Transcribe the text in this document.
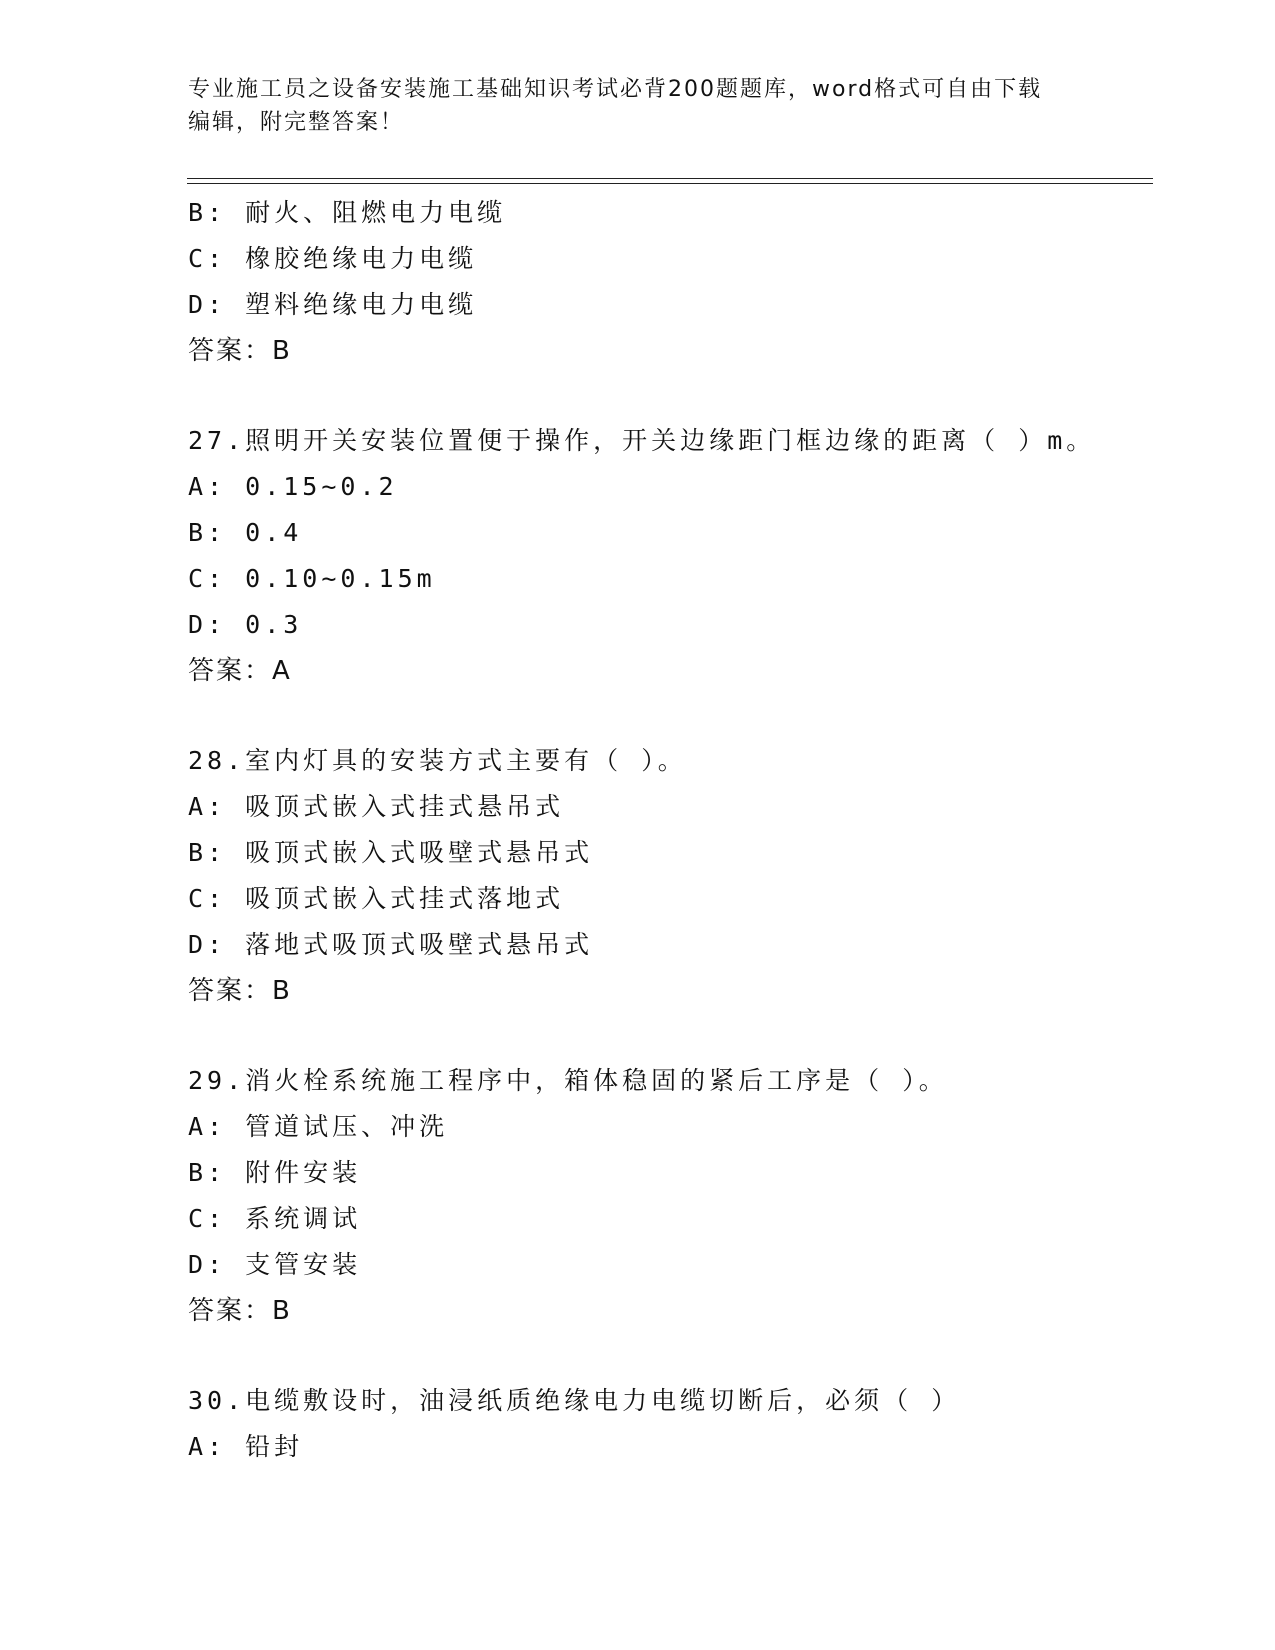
专业施工员之设备安装施工基础知识考试必背200题题库，word格式可自由下载
编辑，附完整答案！
B: 耐火、阻燃电力电缆
C: 橡胶绝缘电力电缆
D: 塑料绝缘电力电缆
答案：B
27.照明开关安装位置便于操作，开关边缘距门框边缘的距离（ ）m。
A: 0.15~0.2
B: 0.4
C: 0.10~0.15m
D: 0.3
答案：A
28.室内灯具的安装方式主要有（ ）。
A: 吸顶式嵌入式挂式悬吊式
B: 吸顶式嵌入式吸壁式悬吊式
C: 吸顶式嵌入式挂式落地式
D: 落地式吸顶式吸壁式悬吊式
答案：B
29.消火栓系统施工程序中，箱体稳固的紧后工序是（ ）。
A: 管道试压、冲洗
B: 附件安装
C: 系统调试
D: 支管安装
答案：B
30.电缆敷设时，油浸纸质绝缘电力电缆切断后，必须（ ）
A: 铅封
